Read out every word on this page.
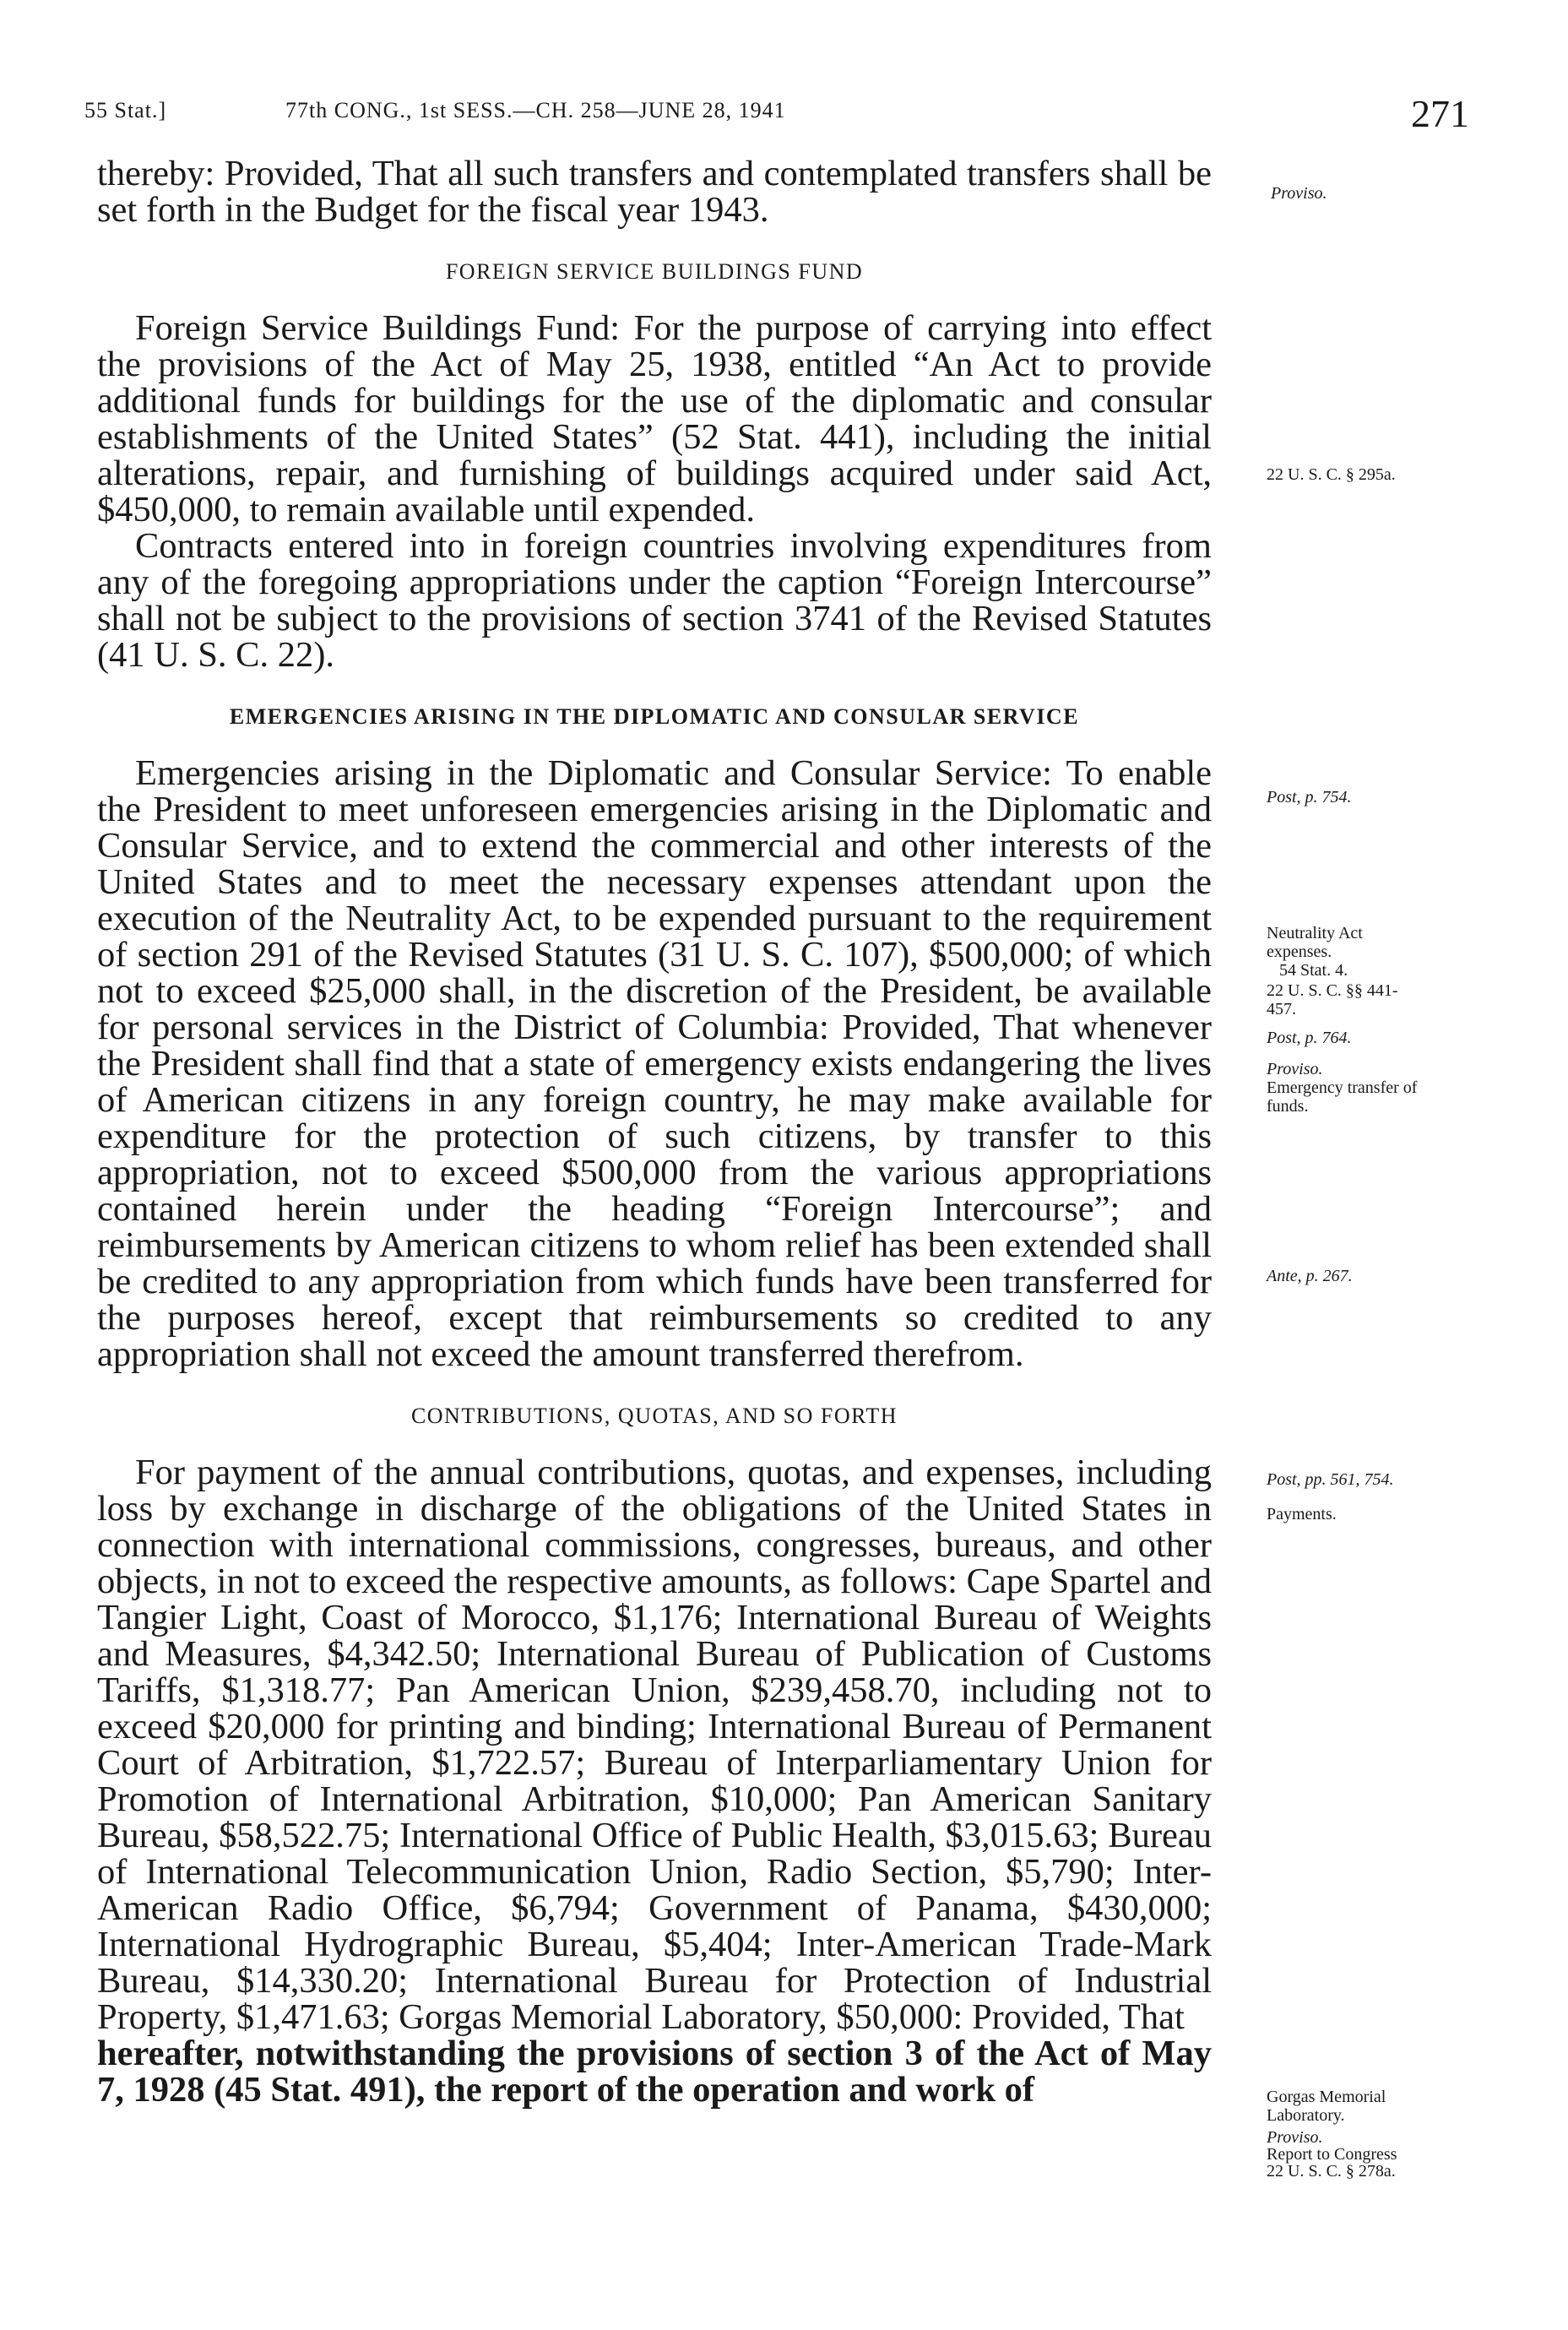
55 Stat.]	77th CONG., 1st SESS.—CH. 258—JUNE 28, 1941	271

thereby: Provided, That all such transfers and contemplated transfers shall be set forth in the Budget for the fiscal year 1943.

FOREIGN SERVICE BUILDINGS FUND

Foreign Service Buildings Fund: For the purpose of carrying into effect the provisions of the Act of May 25, 1938, entitled “An Act to provide additional funds for buildings for the use of the diplomatic and consular establishments of the United States” (52 Stat. 441), including the initial alterations, repair, and furnishing of buildings acquired under said Act, $450,000, to remain available until expended.

Contracts entered into in foreign countries involving expenditures from any of the foregoing appropriations under the caption “Foreign Intercourse” shall not be subject to the provisions of section 3741 of the Revised Statutes (41 U. S. C. 22).

EMERGENCIES ARISING IN THE DIPLOMATIC AND CONSULAR SERVICE

Emergencies arising in the Diplomatic and Consular Service: To enable the President to meet unforeseen emergencies arising in the Diplomatic and Consular Service, and to extend the commercial and other interests of the United States and to meet the necessary expenses attendant upon the execution of the Neutrality Act, to be expended pursuant to the requirement of section 291 of the Revised Statutes (31 U. S. C. 107), $500,000; of which not to exceed $25,000 shall, in the discretion of the President, be available for personal services in the District of Columbia: Provided, That whenever the President shall find that a state of emergency exists endangering the lives of American citizens in any foreign country, he may make available for expenditure for the protection of such citizens, by transfer to this appropriation, not to exceed $500,000 from the various appropriations contained herein under the heading “Foreign Intercourse”; and reimbursements by American citizens to whom relief has been extended shall be credited to any appropriation from which funds have been transferred for the purposes hereof, except that reimbursements so credited to any appropriation shall not exceed the amount transferred therefrom.

CONTRIBUTIONS, QUOTAS, AND SO FORTH

For payment of the annual contributions, quotas, and expenses, including loss by exchange in discharge of the obligations of the United States in connection with international commissions, congresses, bureaus, and other objects, in not to exceed the respective amounts, as follows: Cape Spartel and Tangier Light, Coast of Morocco, $1,176; International Bureau of Weights and Measures, $4,342.50; International Bureau of Publication of Customs Tariffs, $1,318.77; Pan American Union, $239,458.70, including not to exceed $20,000 for printing and binding; International Bureau of Permanent Court of Arbitration, $1,722.57; Bureau of Interparliamentary Union for Promotion of International Arbitration, $10,000; Pan American Sanitary Bureau, $58,522.75; International Office of Public Health, $3,015.63; Bureau of International Telecommunication Union, Radio Section, $5,790; Inter-American Radio Office, $6,794; Government of Panama, $430,000; International Hydrographic Bureau, $5,404; Inter-American Trade-Mark Bureau, $14,330.20; International Bureau for Protection of Industrial Property, $1,471.63; Gorgas Memorial Laboratory, $50,000: Provided, That

hereafter, notwithstanding the provisions of section 3 of the Act of May 7, 1928 (45 Stat. 491), the report of the operation and work of

Proviso.
22 U. S. C. § 295a.
Post, p. 754.
Neutrality Act expenses.
54 Stat. 4.
22 U. S. C. §§ 441-457.
Post, p. 764.
Proviso.
Emergency transfer of funds.
Ante, p. 267.
Post, pp. 561, 754.
Payments.
Gorgas Memorial Laboratory.
Proviso.
Report to Congress
22 U. S. C. § 278a.
